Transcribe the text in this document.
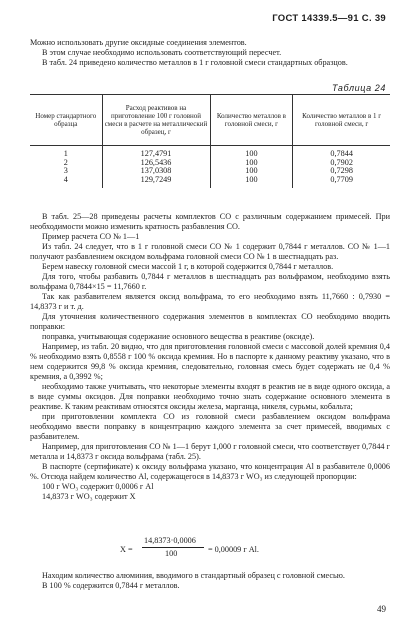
ГОСТ 14339.5—91 С. 39

Можно использовать другие оксидные соединения элементов.

В этом случае необходимо использовать соответствующий пересчет.

В табл. 24 приведено количество металлов в 1 г головной смеси стандартных образцов.

Таблица 24
Номер стандартного образца	Расход реактивов на приготовление 100 г головной смеси в расчете на металлический образец, г	Количество металлов в головной смеси, г	Количество металлов в 1 г головной смеси, г
1	127,4791	100	0,7844
2	126,5436	100	0,7902
3	137,0308	100	0,7298
4	129,7249	100	0,7709

В табл. 25—28 приведены расчеты комплектов СО с различным содержанием примесей. При необходимости можно изменить кратность разбавления СО.

Пример расчета СО № 1—1

Из табл. 24 следует, что в 1 г головной смеси СО № 1 содержит 0,7844 г металлов. СО № 1—1 получают разбавлением оксидом вольфрама головной смеси СО № 1 в шестнадцать раз.

Берем навеску головной смеси массой 1 г, в которой содержится 0,7844 г металлов.

Для того, чтобы разбавить 0,7844 г металлов в шестнадцать раз вольфрамом, необходимо взять вольфрама 0,7844×15 = 11,7660 г.

Так как разбавителем является оксид вольфрама, то его необходимо взять 11,7660 : 0,7930 = 14,8373 г и т. д.

Для уточнения количественного содержания элементов в комплектах СО необходимо вводить поправки:

поправка, учитывающая содержание основного вещества в реактиве (оксиде).

Например, из табл. 20 видно, что для приготовления головной смеси с массовой долей кремния 0,4 % необходимо взять 0,8558 г 100 % оксида кремния. Но в паспорте к данному реактиву указано, что в нем содержится 99,8 % оксида кремния, следовательно, головная смесь будет содержать не 0,4 % кремния, а 0,3992 %;

необходимо также учитывать, что некоторые элементы входят в реактив не в виде одного оксида, а в виде суммы оксидов. Для поправки необходимо точно знать содержание основного элемента в реактиве. К таким реактивам относятся оксиды железа, марганца, никеля, сурьмы, кобальта;

при приготовлении комплекта СО из головной смеси разбавлением оксидом вольфрама необходимо ввести поправку в концентрацию каждого элемента за счет примесей, вводимых с разбавителем.

Например, для приготовления СО № 1—1 берут 1,000 г головной смеси, что соответствует 0,7844 г металла и 14,8373 г оксида вольфрама (табл. 25).

В паспорте (сертификате) к оксиду вольфрама указано, что концентрация Al в разбавителе 0,0006 %. Отсюда найдем количество Al, содержащегося в 14,8373 г WO₃ из следующей пропорции:

100 г WO₃ содержит 0,0006 г Al

14,8373 г WO₃ содержит X

X =
14,8373·0,0006
100	= 0,00009 г Al.

Находим количество алюминия, вводимого в стандартный образец с головной смесью.

В 100 % содержится 0,7844 г металлов.

49
